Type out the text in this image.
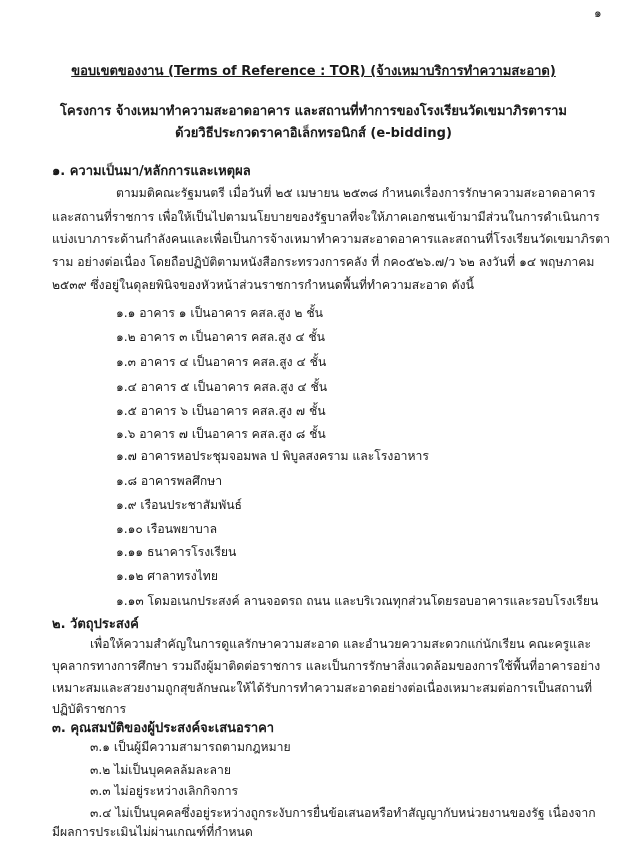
๑
ขอบเขตของงาน (Terms of Reference : TOR) (จ้างเหมาบริการทำความสะอาด)
โครงการ จ้างเหมาทำความสะอาดอาคาร และสถานที่ทำการของโรงเรียนวัดเขมาภิรตาราม
ด้วยวิธีประกวดราคาอิเล็กทรอนิกส์ (e-bidding)
๑. ความเป็นมา/หลักการและเหตุผล
ตามมติคณะรัฐมนตรี เมื่อวันที่ ๒๕ เมษายน ๒๕๓๘ กำหนดเรื่องการรักษาความสะอาดอาคาร
และสถานที่ราชการ เพื่อให้เป็นไปตามนโยบายของรัฐบาลที่จะให้ภาคเอกชนเข้ามามีส่วนในการดำเนินการ
แบ่งเบาภาระด้านกำลังคนและเพื่อเป็นการจ้างเหมาทำความสะอาดอาคารและสถานที่โรงเรียนวัดเขมาภิรตา
ราม อย่างต่อเนื่อง โดยถือปฏิบัติตามหนังสือกระทรวงการคลัง ที่ กค๐๕๒๖.๗/ว ๖๒ ลงวันที่ ๑๔ พฤษภาคม
๒๕๓๙ ซึ่งอยู่ในดุลยพินิจของหัวหน้าส่วนราชการกำหนดพื้นที่ทำความสะอาด ดังนี้
๑.๑ อาคาร ๑ เป็นอาคาร คสล.สูง ๒ ชั้น
๑.๒ อาคาร ๓ เป็นอาคาร คสล.สูง ๔ ชั้น
๑.๓ อาคาร ๔ เป็นอาคาร คสล.สูง ๔ ชั้น
๑.๔ อาคาร ๕ เป็นอาคาร คสล.สูง ๔ ชั้น
๑.๕ อาคาร ๖ เป็นอาคาร คสล.สูง ๗ ชั้น
๑.๖ อาคาร ๗ เป็นอาคาร คสล.สูง ๘ ชั้น
๑.๗ อาคารหอประชุมจอมพล ป พิบูลสงคราม และโรงอาหาร
๑.๘ อาคารพลศึกษา
๑.๙ เรือนประชาสัมพันธ์
๑.๑๐ เรือนพยาบาล
๑.๑๑ ธนาคารโรงเรียน
๑.๑๒ ศาลาทรงไทย
๑.๑๓ โดมอเนกประสงค์ ลานจอดรถ ถนน และบริเวณทุกส่วนโดยรอบอาคารและรอบโรงเรียน
๒. วัตถุประสงค์
เพื่อให้ความสำคัญในการดูแลรักษาความสะอาด และอำนวยความสะดวกแก่นักเรียน คณะครูและ
บุคลากรทางการศึกษา รวมถึงผู้มาติดต่อราชการ และเป็นการรักษาสิ่งแวดล้อมของการใช้พื้นที่อาคารอย่าง
เหมาะสมและสวยงามถูกสุขลักษณะให้ได้รับการทำความสะอาดอย่างต่อเนื่องเหมาะสมต่อการเป็นสถานที่
ปฏิบัติราชการ
๓. คุณสมบัติของผู้ประสงค์จะเสนอราคา
๓.๑ เป็นผู้มีความสามารถตามกฎหมาย
๓.๒ ไม่เป็นบุคคลล้มละลาย
๓.๓ ไม่อยู่ระหว่างเลิกกิจการ
๓.๔ ไม่เป็นบุคคลซึ่งอยู่ระหว่างถูกระงับการยื่นข้อเสนอหรือทำสัญญากับหน่วยงานของรัฐ เนื่องจาก
มีผลการประเมินไม่ผ่านเกณฑ์ที่กำหนด
